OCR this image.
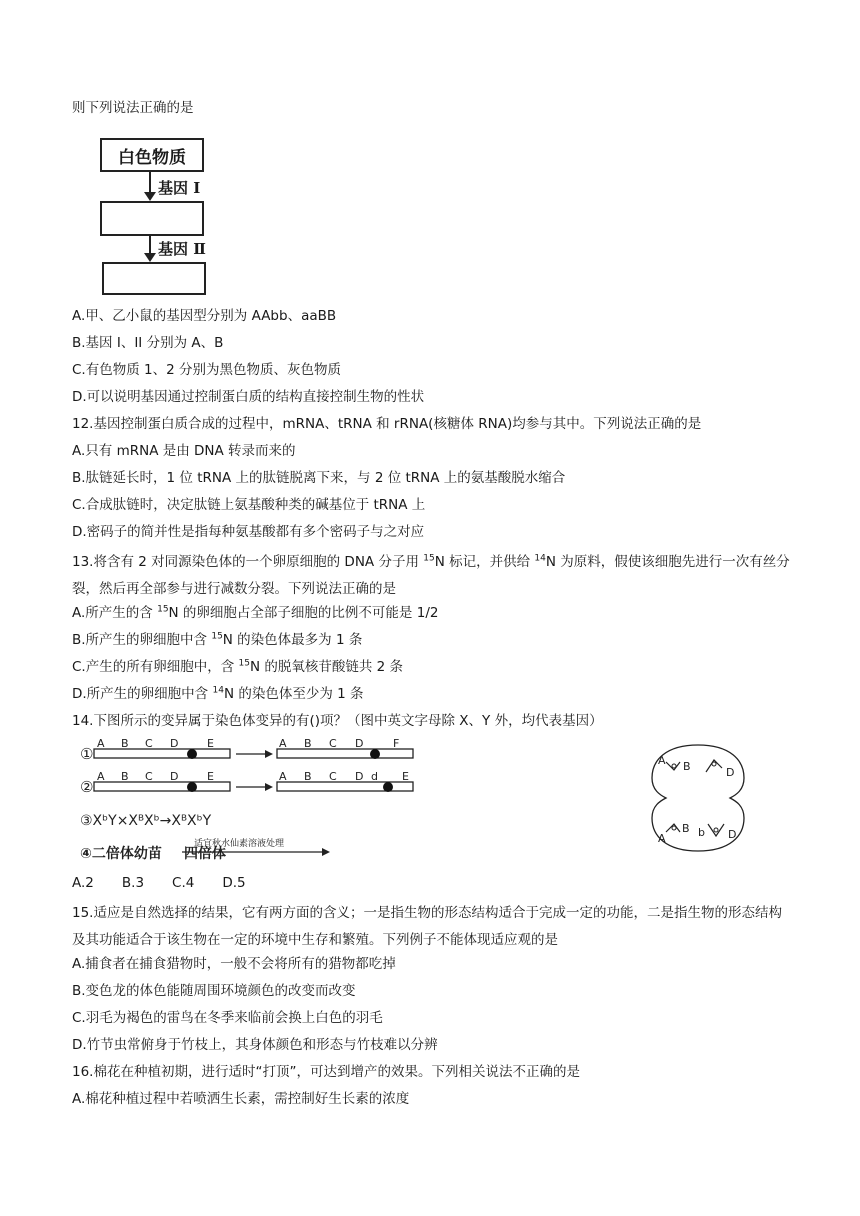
则下列说法正确的是
白色物质
基因 Ⅰ
基因 Ⅱ
A.甲、乙小鼠的基因型分别为 AAbb、aaBB
B.基因 I、II 分别为 A、B
C.有色物质 1、2 分别为黑色物质、灰色物质
D.可以说明基因通过控制蛋白质的结构直接控制生物的性状
12.基因控制蛋白质合成的过程中，mRNA、tRNA 和 rRNA(核糖体 RNA)均参与其中。下列说法正确的是
A.只有 mRNA 是由 DNA 转录而来的
B.肽链延长时，1 位 tRNA 上的肽链脱离下来，与 2 位 tRNA 上的氨基酸脱水缩合
C.合成肽链时，决定肽链上氨基酸种类的碱基位于 tRNA 上
D.密码子的简并性是指每种氨基酸都有多个密码子与之对应
13.将含有 2 对同源染色体的一个卵原细胞的 DNA 分子用 $^{15}$N 标记，并供给 $^{14}$N 为原料，假使该细胞先进行一次有丝分裂，然后再全部参与进行减数分裂。下列说法正确的是
A.所产生的含 $^{15}$N 的卵细胞占全部子细胞的比例不可能是 1/2
B.所产生的卵细胞中含 $^{15}$N 的染色体最多为 1 条
C.产生的所有卵细胞中，含 $^{15}$N 的脱氧核苷酸链共 2 条
D.所产生的卵细胞中含 $^{14}$N 的染色体至少为 1 条
14.下图所示的变异属于染色体变异的有()项？（图中英文字母除 X、Y 外，均代表基因）
①
A B C D	E	A B C D	F
②
A B C D	E	A B C D d E
③XᵇY×XᴮXᵇ→XᴮXᵇY
④二倍体幼苗
适宜秋水仙素溶液处理
四倍体
A B	D
A
B b D
A.2 B.3 C.4 D.5
15.适应是自然选择的结果，它有两方面的含义；一是指生物的形态结构适合于完成一定的功能，二是指生物的形态结构及其功能适合于该生物在一定的环境中生存和繁殖。下列例子不能体现适应观的是
A.捕食者在捕食猎物时，一般不会将所有的猎物都吃掉
B.变色龙的体色能随周围环境颜色的改变而改变
C.羽毛为褐色的雷鸟在冬季来临前会换上白色的羽毛
D.竹节虫常俯身于竹枝上，其身体颜色和形态与竹枝难以分辨
16.棉花在种植初期，进行适时“打顶”，可达到增产的效果。下列相关说法不正确的是
A.棉花种植过程中若喷洒生长素，需控制好生长素的浓度
